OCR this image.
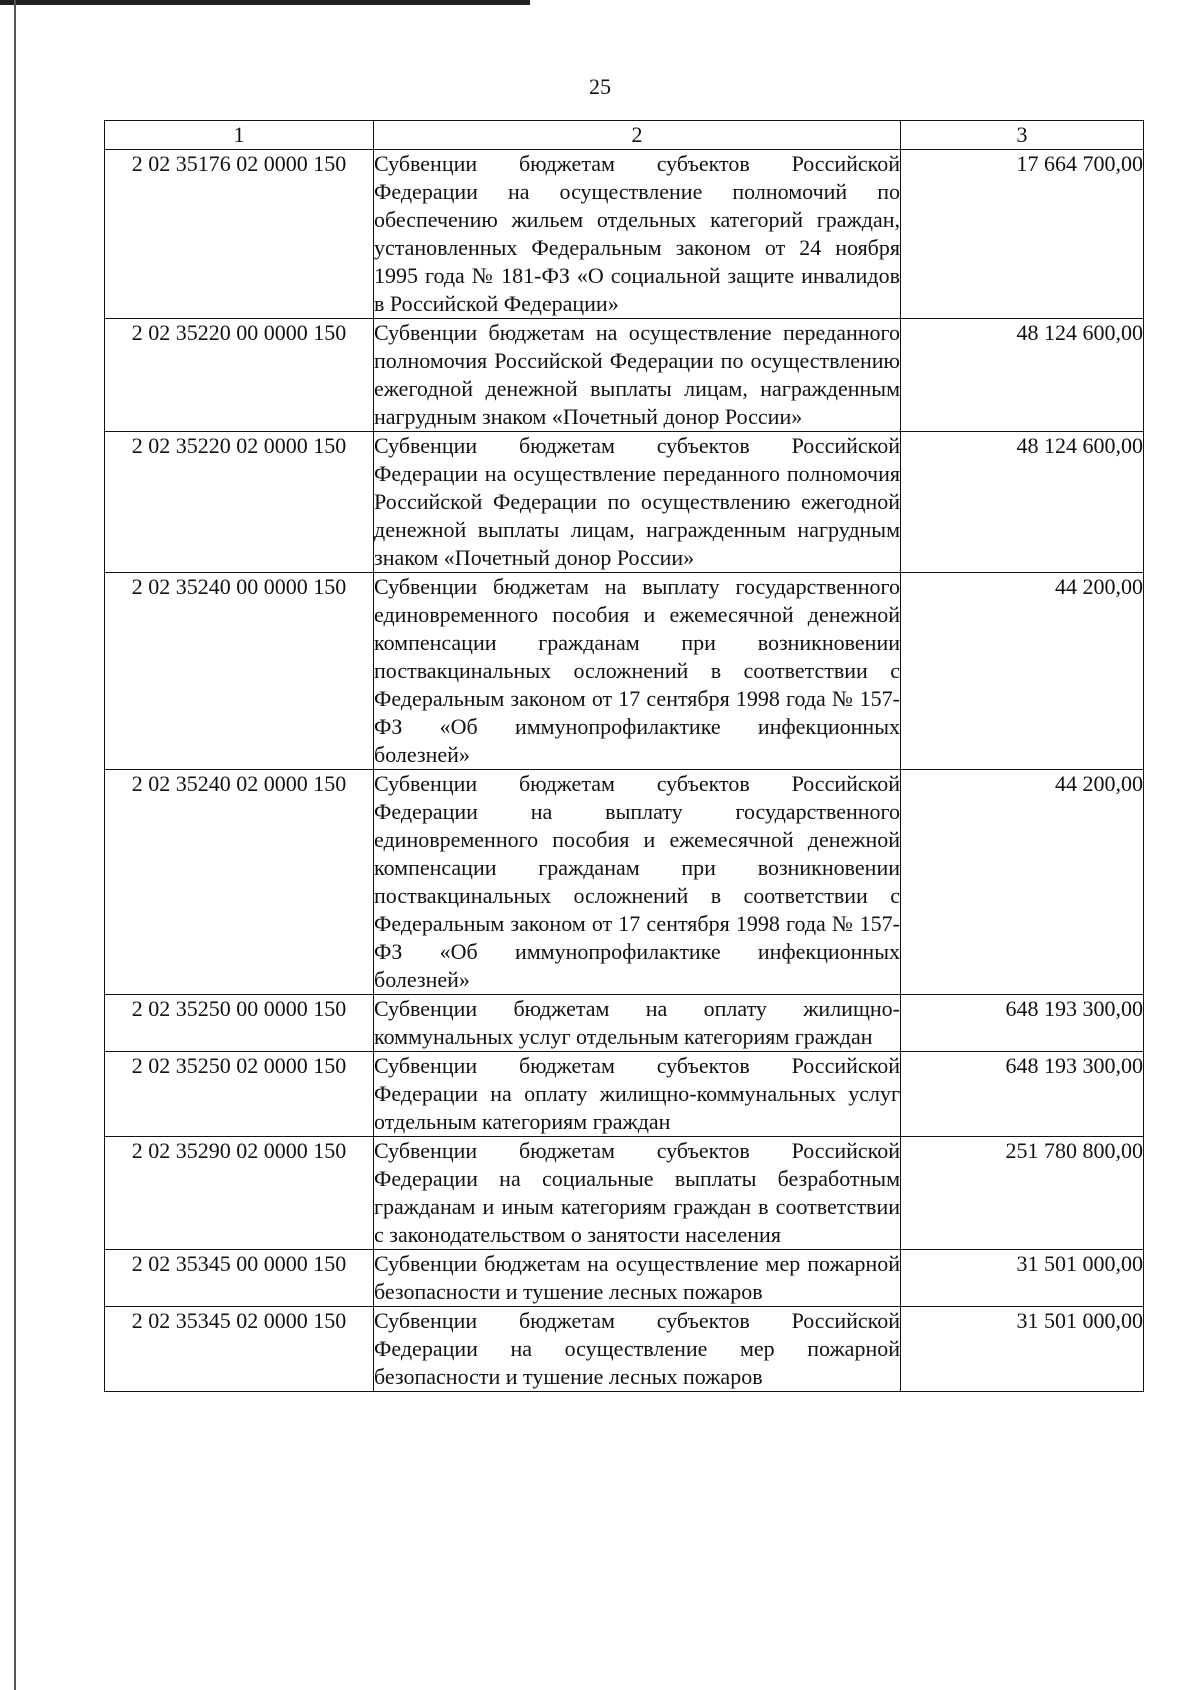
25
1	2	3
2 02 35176 02 0000 150	Субвенции бюджетам субъектов Российской Федерации на осуществление полномочий по обеспечению жильем отдельных категорий граждан, установленных Федеральным законом от 24 ноября 1995 года № 181-ФЗ «О социальной защите инвалидов в Российской Федерации»	17 664 700,00
2 02 35220 00 0000 150	Субвенции бюджетам на осуществление переданного полномочия Российской Федерации по осуществлению ежегодной денежной выплаты лицам, награжденным нагрудным знаком «Почетный донор России»	48 124 600,00
2 02 35220 02 0000 150	Субвенции бюджетам субъектов Российской Федерации на осуществление переданного полномочия Российской Федерации по осуществлению ежегодной денежной выплаты лицам, награжденным нагрудным знаком «Почетный донор России»	48 124 600,00
2 02 35240 00 0000 150	Субвенции бюджетам на выплату государственного единовременного пособия и ежемесячной денежной компенсации гражданам при возникновении поствакцинальных осложнений в соответствии с Федеральным законом от 17 сентября 1998 года № 157-ФЗ «Об иммунопрофилактике инфекционных болезней»	44 200,00
2 02 35240 02 0000 150	Субвенции бюджетам субъектов Российской Федерации на выплату государственного единовременного пособия и ежемесячной денежной компенсации гражданам при возникновении поствакцинальных осложнений в соответствии с Федеральным законом от 17 сентября 1998 года № 157-ФЗ «Об иммунопрофилактике инфекционных болезней»	44 200,00
2 02 35250 00 0000 150	Субвенции бюджетам на оплату жилищно-коммунальных услуг отдельным категориям граждан	648 193 300,00
2 02 35250 02 0000 150	Субвенции бюджетам субъектов Российской Федерации на оплату жилищно-коммунальных услуг отдельным категориям граждан	648 193 300,00
2 02 35290 02 0000 150	Субвенции бюджетам субъектов Российской Федерации на социальные выплаты безработным гражданам и иным категориям граждан в соответствии с законодательством о занятости населения	251 780 800,00
2 02 35345 00 0000 150	Субвенции бюджетам на осуществление мер пожарной безопасности и тушение лесных пожаров	31 501 000,00
2 02 35345 02 0000 150	Субвенции бюджетам субъектов Российской Федерации на осуществление мер пожарной безопасности и тушение лесных пожаров	31 501 000,00
